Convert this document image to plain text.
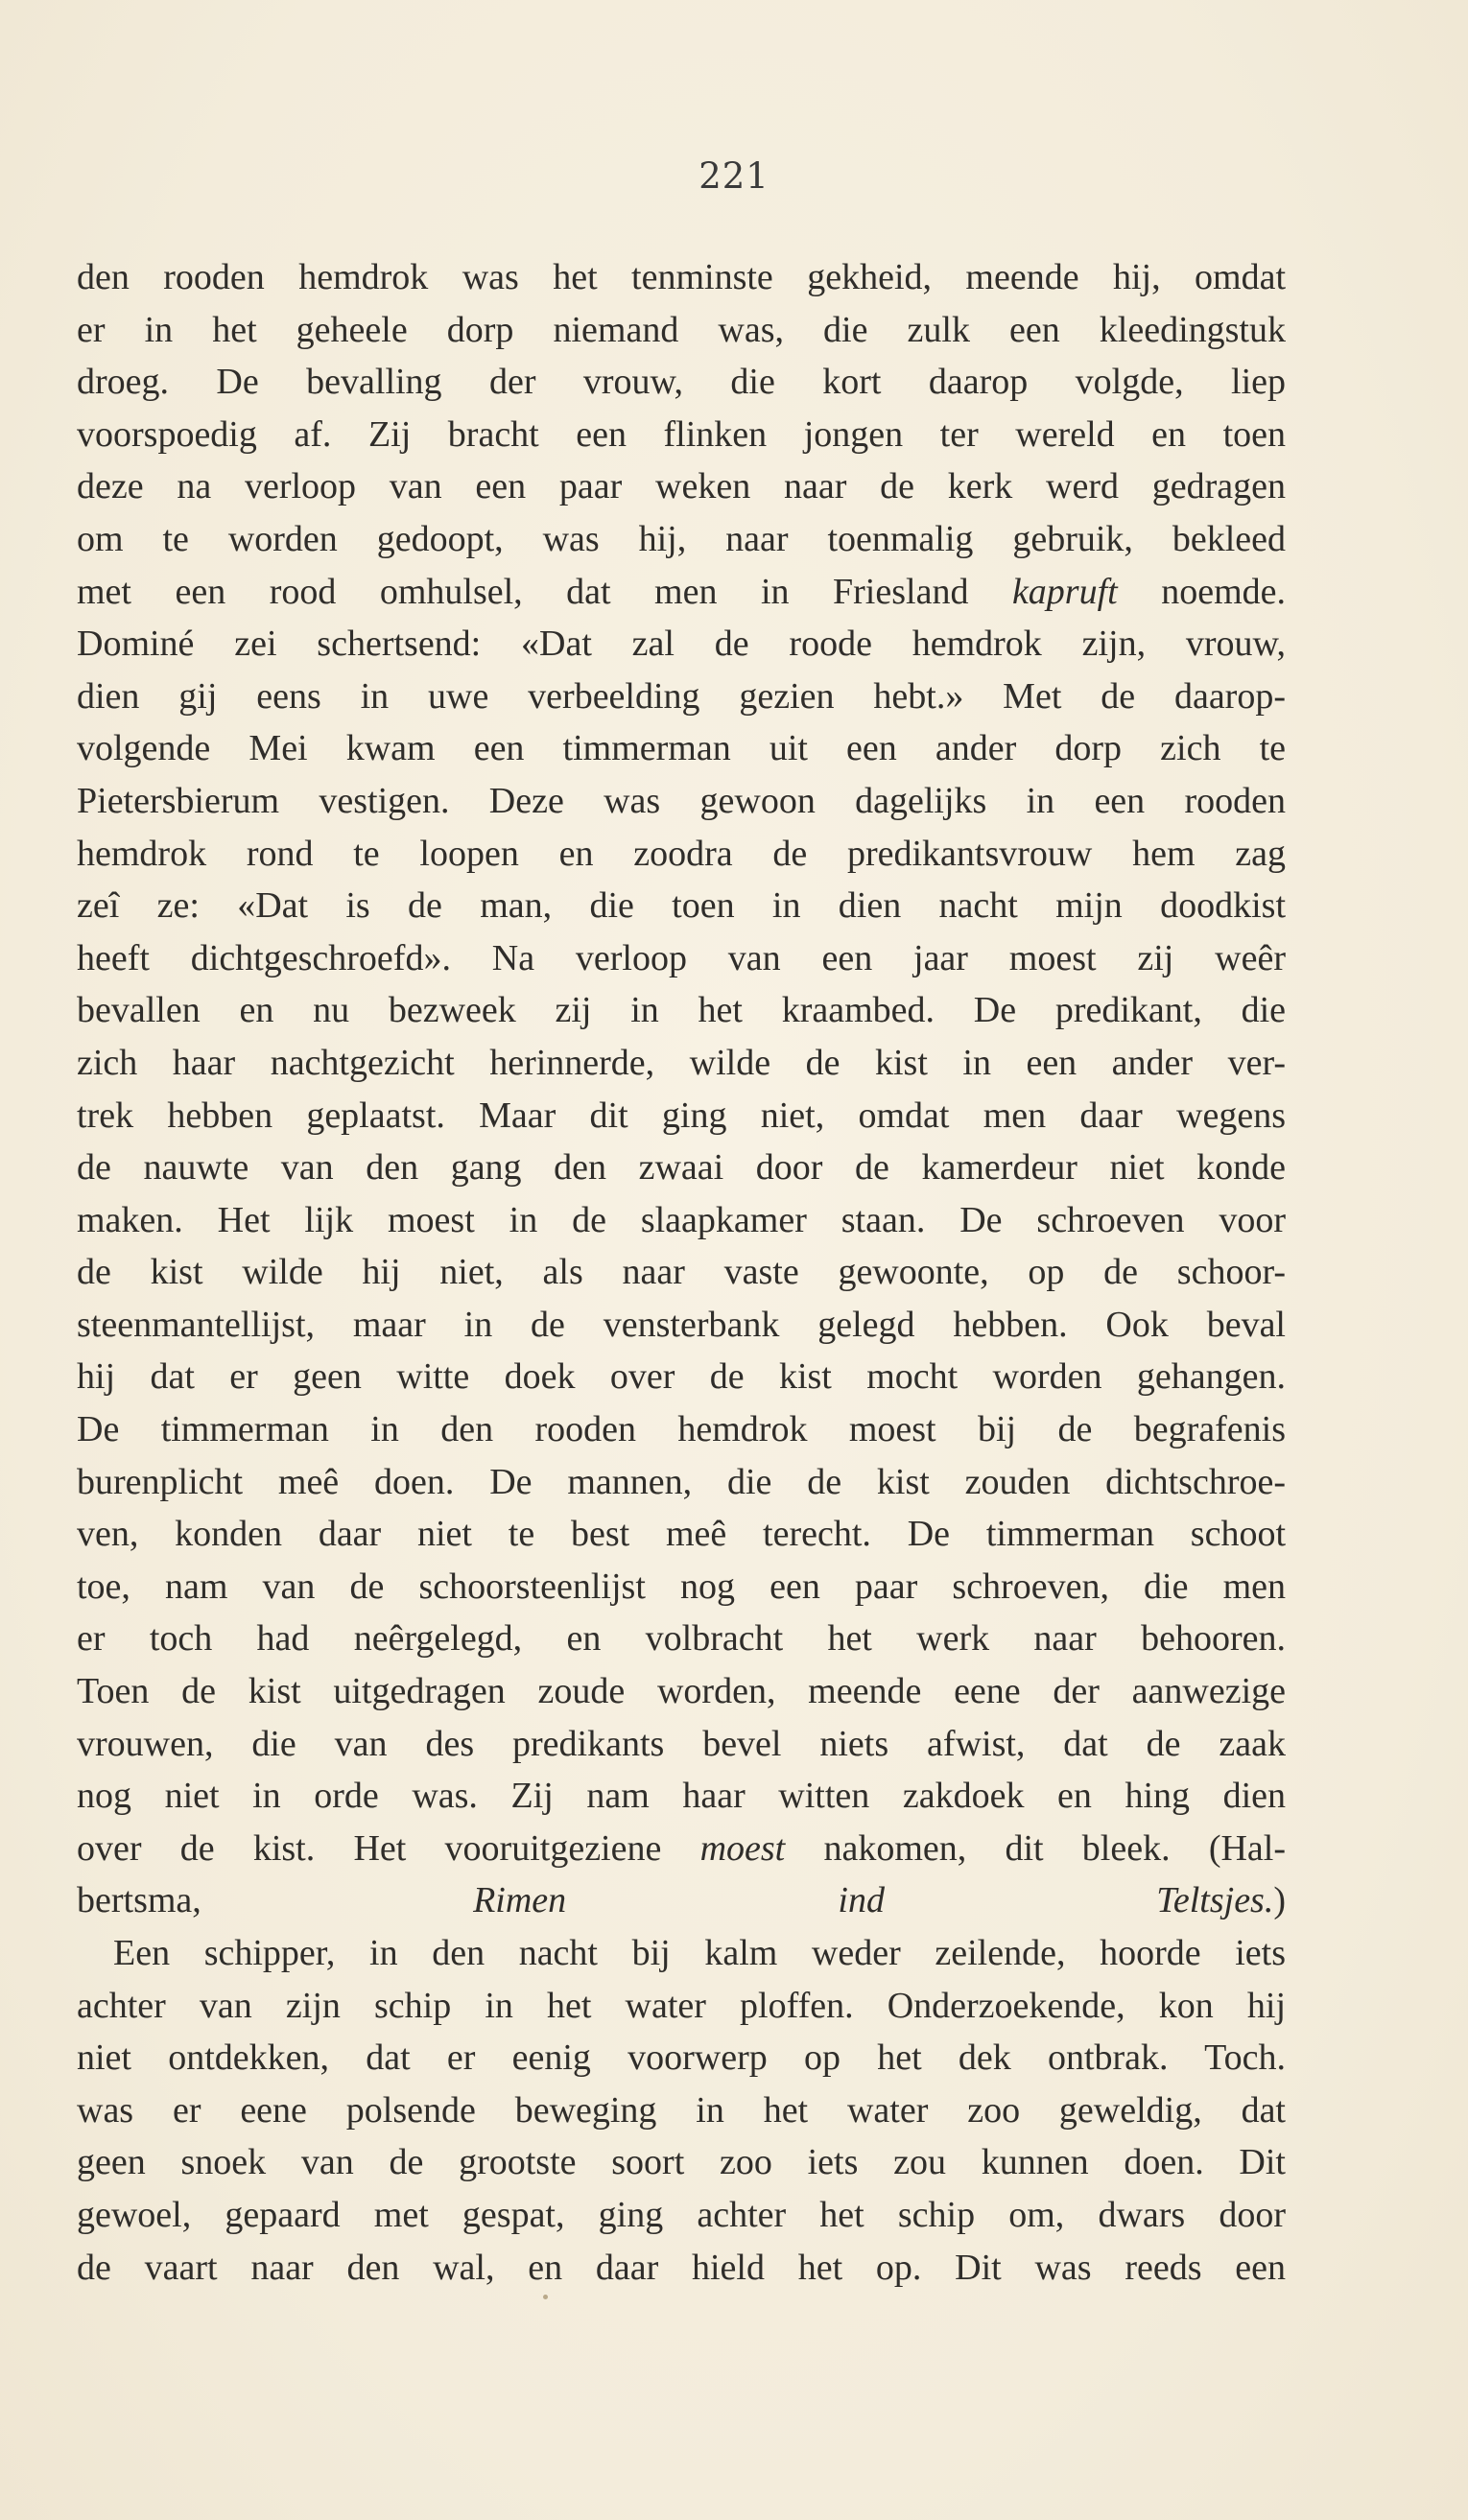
221
den rooden hemdrok was het tenminste gekheid, meende hij, omdat
er in het geheele dorp niemand was, die zulk een kleedingstuk
droeg. De bevalling der vrouw, die kort daarop volgde, liep
voorspoedig af. Zij bracht een flinken jongen ter wereld en toen
deze na verloop van een paar weken naar de kerk werd gedragen
om te worden gedoopt, was hij, naar toenmalig gebruik, bekleed
met een rood omhulsel, dat men in Friesland kapruft noemde.
Dominé zei schertsend: «Dat zal de roode hemdrok zijn, vrouw,
dien gij eens in uwe verbeelding gezien hebt.» Met de daarop-
volgende Mei kwam een timmerman uit een ander dorp zich te
Pietersbierum vestigen. Deze was gewoon dagelijks in een rooden
hemdrok rond te loopen en zoodra de predikantsvrouw hem zag
zeî ze: «Dat is de man, die toen in dien nacht mijn doodkist
heeft dichtgeschroefd». Na verloop van een jaar moest zij weêr
bevallen en nu bezweek zij in het kraambed. De predikant, die
zich haar nachtgezicht herinnerde, wilde de kist in een ander ver-
trek hebben geplaatst. Maar dit ging niet, omdat men daar wegens
de nauwte van den gang den zwaai door de kamerdeur niet konde
maken. Het lijk moest in de slaapkamer staan. De schroeven voor
de kist wilde hij niet, als naar vaste gewoonte, op de schoor-
steenmantellijst, maar in de vensterbank gelegd hebben. Ook beval
hij dat er geen witte doek over de kist mocht worden gehangen.
De timmerman in den rooden hemdrok moest bij de begrafenis
burenplicht meê doen. De mannen, die de kist zouden dichtschroe-
ven, konden daar niet te best meê terecht. De timmerman schoot
toe, nam van de schoorsteenlijst nog een paar schroeven, die men
er toch had neêrgelegd, en volbracht het werk naar behooren.
Toen de kist uitgedragen zoude worden, meende eene der aanwezige
vrouwen, die van des predikants bevel niets afwist, dat de zaak
nog niet in orde was. Zij nam haar witten zakdoek en hing dien
over de kist. Het vooruitgeziene moest nakomen, dit bleek. (Hal-
bertsma, Rimen ind Teltsjes.)
Een schipper, in den nacht bij kalm weder zeilende, hoorde iets
achter van zijn schip in het water ploffen. Onderzoekende, kon hij
niet ontdekken, dat er eenig voorwerp op het dek ontbrak. Toch.
was er eene polsende beweging in het water zoo geweldig, dat
geen snoek van de grootste soort zoo iets zou kunnen doen. Dit
gewoel, gepaard met gespat, ging achter het schip om, dwars door
de vaart naar den wal, en daar hield het op. Dit was reeds een
